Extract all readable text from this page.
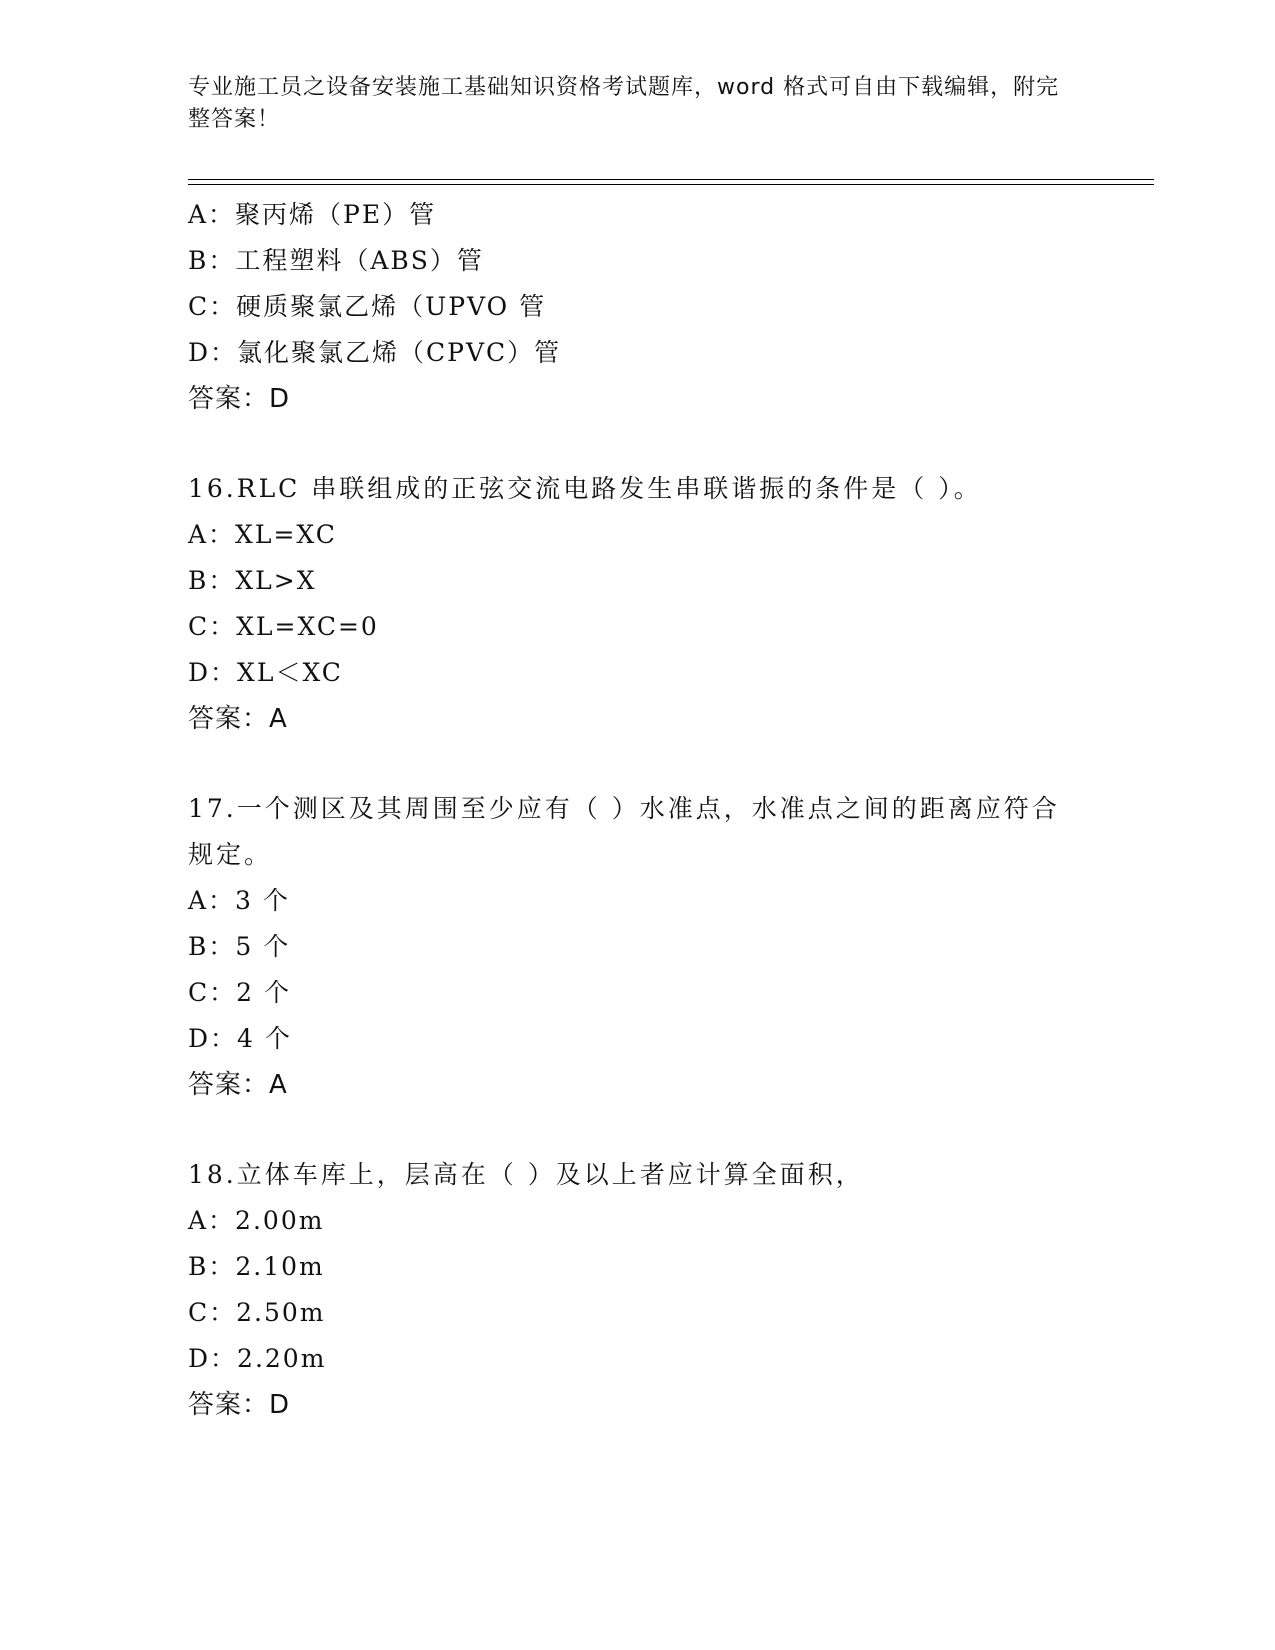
专业施工员之设备安装施工基础知识资格考试题库，word 格式可自由下载编辑，附完整答案！
A：聚丙烯（PE）管
B：工程塑料（ABS）管
C：硬质聚氯乙烯（UPVO 管
D：氯化聚氯乙烯（CPVC）管
答案：D
16.RLC 串联组成的正弦交流电路发生串联谐振的条件是（ ）。
A：XL=XC
B：XL>X
C：XL=XC=0
D：XL＜XC
答案：A
17.一个测区及其周围至少应有（ ）水准点，水准点之间的距离应符合规定。
A：3 个
B：5 个
C：2 个
D：4 个
答案：A
18.立体车库上，层高在（ ）及以上者应计算全面积，
A：2.00m
B：2.10m
C：2.50m
D：2.20m
答案：D
